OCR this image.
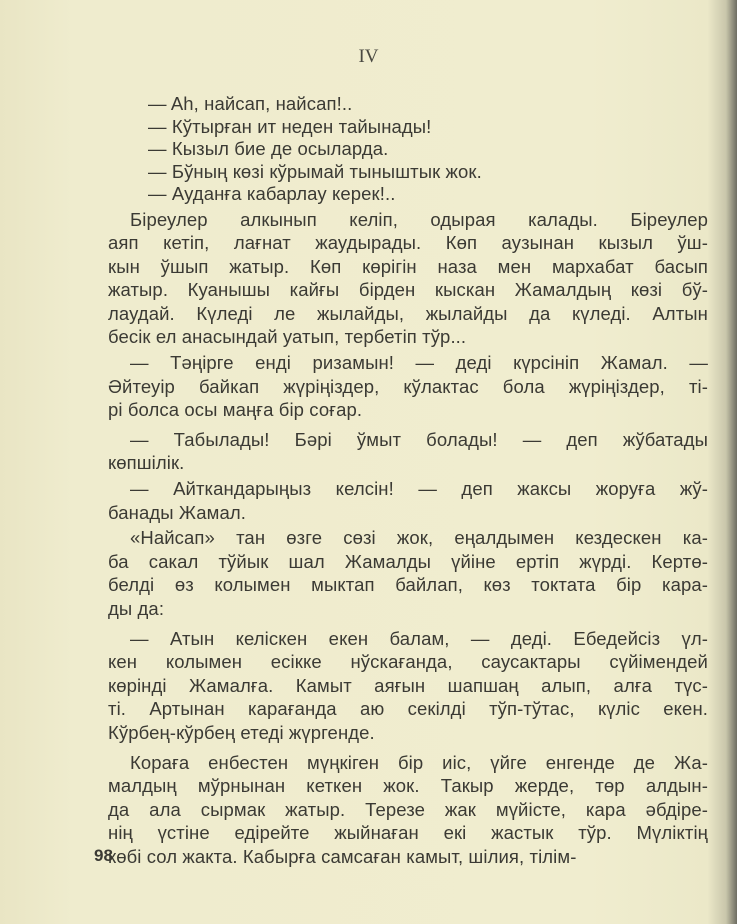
IV
— Ah, найсап, найсап!..
— Кўтырған ит неден тайынады!
— Кызыл бие де осыларда.
— Бўның көзі кўрымай тыныштык жок.
— Ауданға кабарлау керек!..
Біреулер алкынып келіп, одырая калады. Біреулер
аяп кетіп, лағнат жаудырады. Көп аузынан кызыл ўш-
кын ўшып жатыр. Көп көрігін наза мен мархабат басып
жатыр. Куанышы кайғы бірден кыскан Жамалдың көзі бў-
лаудай. Күледі ле жылайды, жылайды да күледі. Алтын
бесік ел анасындай уатып, тербетіп тўр...
— Тәңірге енді ризамын! — деді күрсініп Жамал. —
Әйтеуір байкап жүріңіздер, кўлактас бола жүріңіздер, ті-
рі болса осы маңға бір соғар.
— Табылады! Бәрі ўмыт болады! — деп жўбатады
көпшілік.
— Айткандарыңыз келсін! — деп жаксы жоруға жў-
банады Жамал.
«Найсап» тан өзге сөзі жок, еңалдымен кездескен ка-
ба сакал тўйык шал Жамалды үйіне ертіп жүрді. Кертө-
белді өз колымен мыктап байлап, көз токтата бір кара-
ды да:
— Атын келіскен екен балам, — деді. Ебедейсіз үл-
кен колымен есікке нўскағанда, саусактары сүйімендей
көрінді Жамалға. Камыт аяғын шапшаң алып, алға түс-
ті. Артынан карағанда аю секілді тўп-тўтас, күліс екен.
Кўрбең-кўрбең етеді жүргенде.
Корағa енбестен мүңкіген бір иіс, үйге енгенде де Жа-
малдың мўрнынан кеткен жок. Такыр жерде, төр алдын-
да ала сырмак жатыр. Терезе жак мүйісте, кара әбдіре-
нің үстіне едірейте жыйнаған екі жастык тўр. Мүліктің
көбі сол жакта. Кабырға самсаған камыт, шілия, тілім-
98
